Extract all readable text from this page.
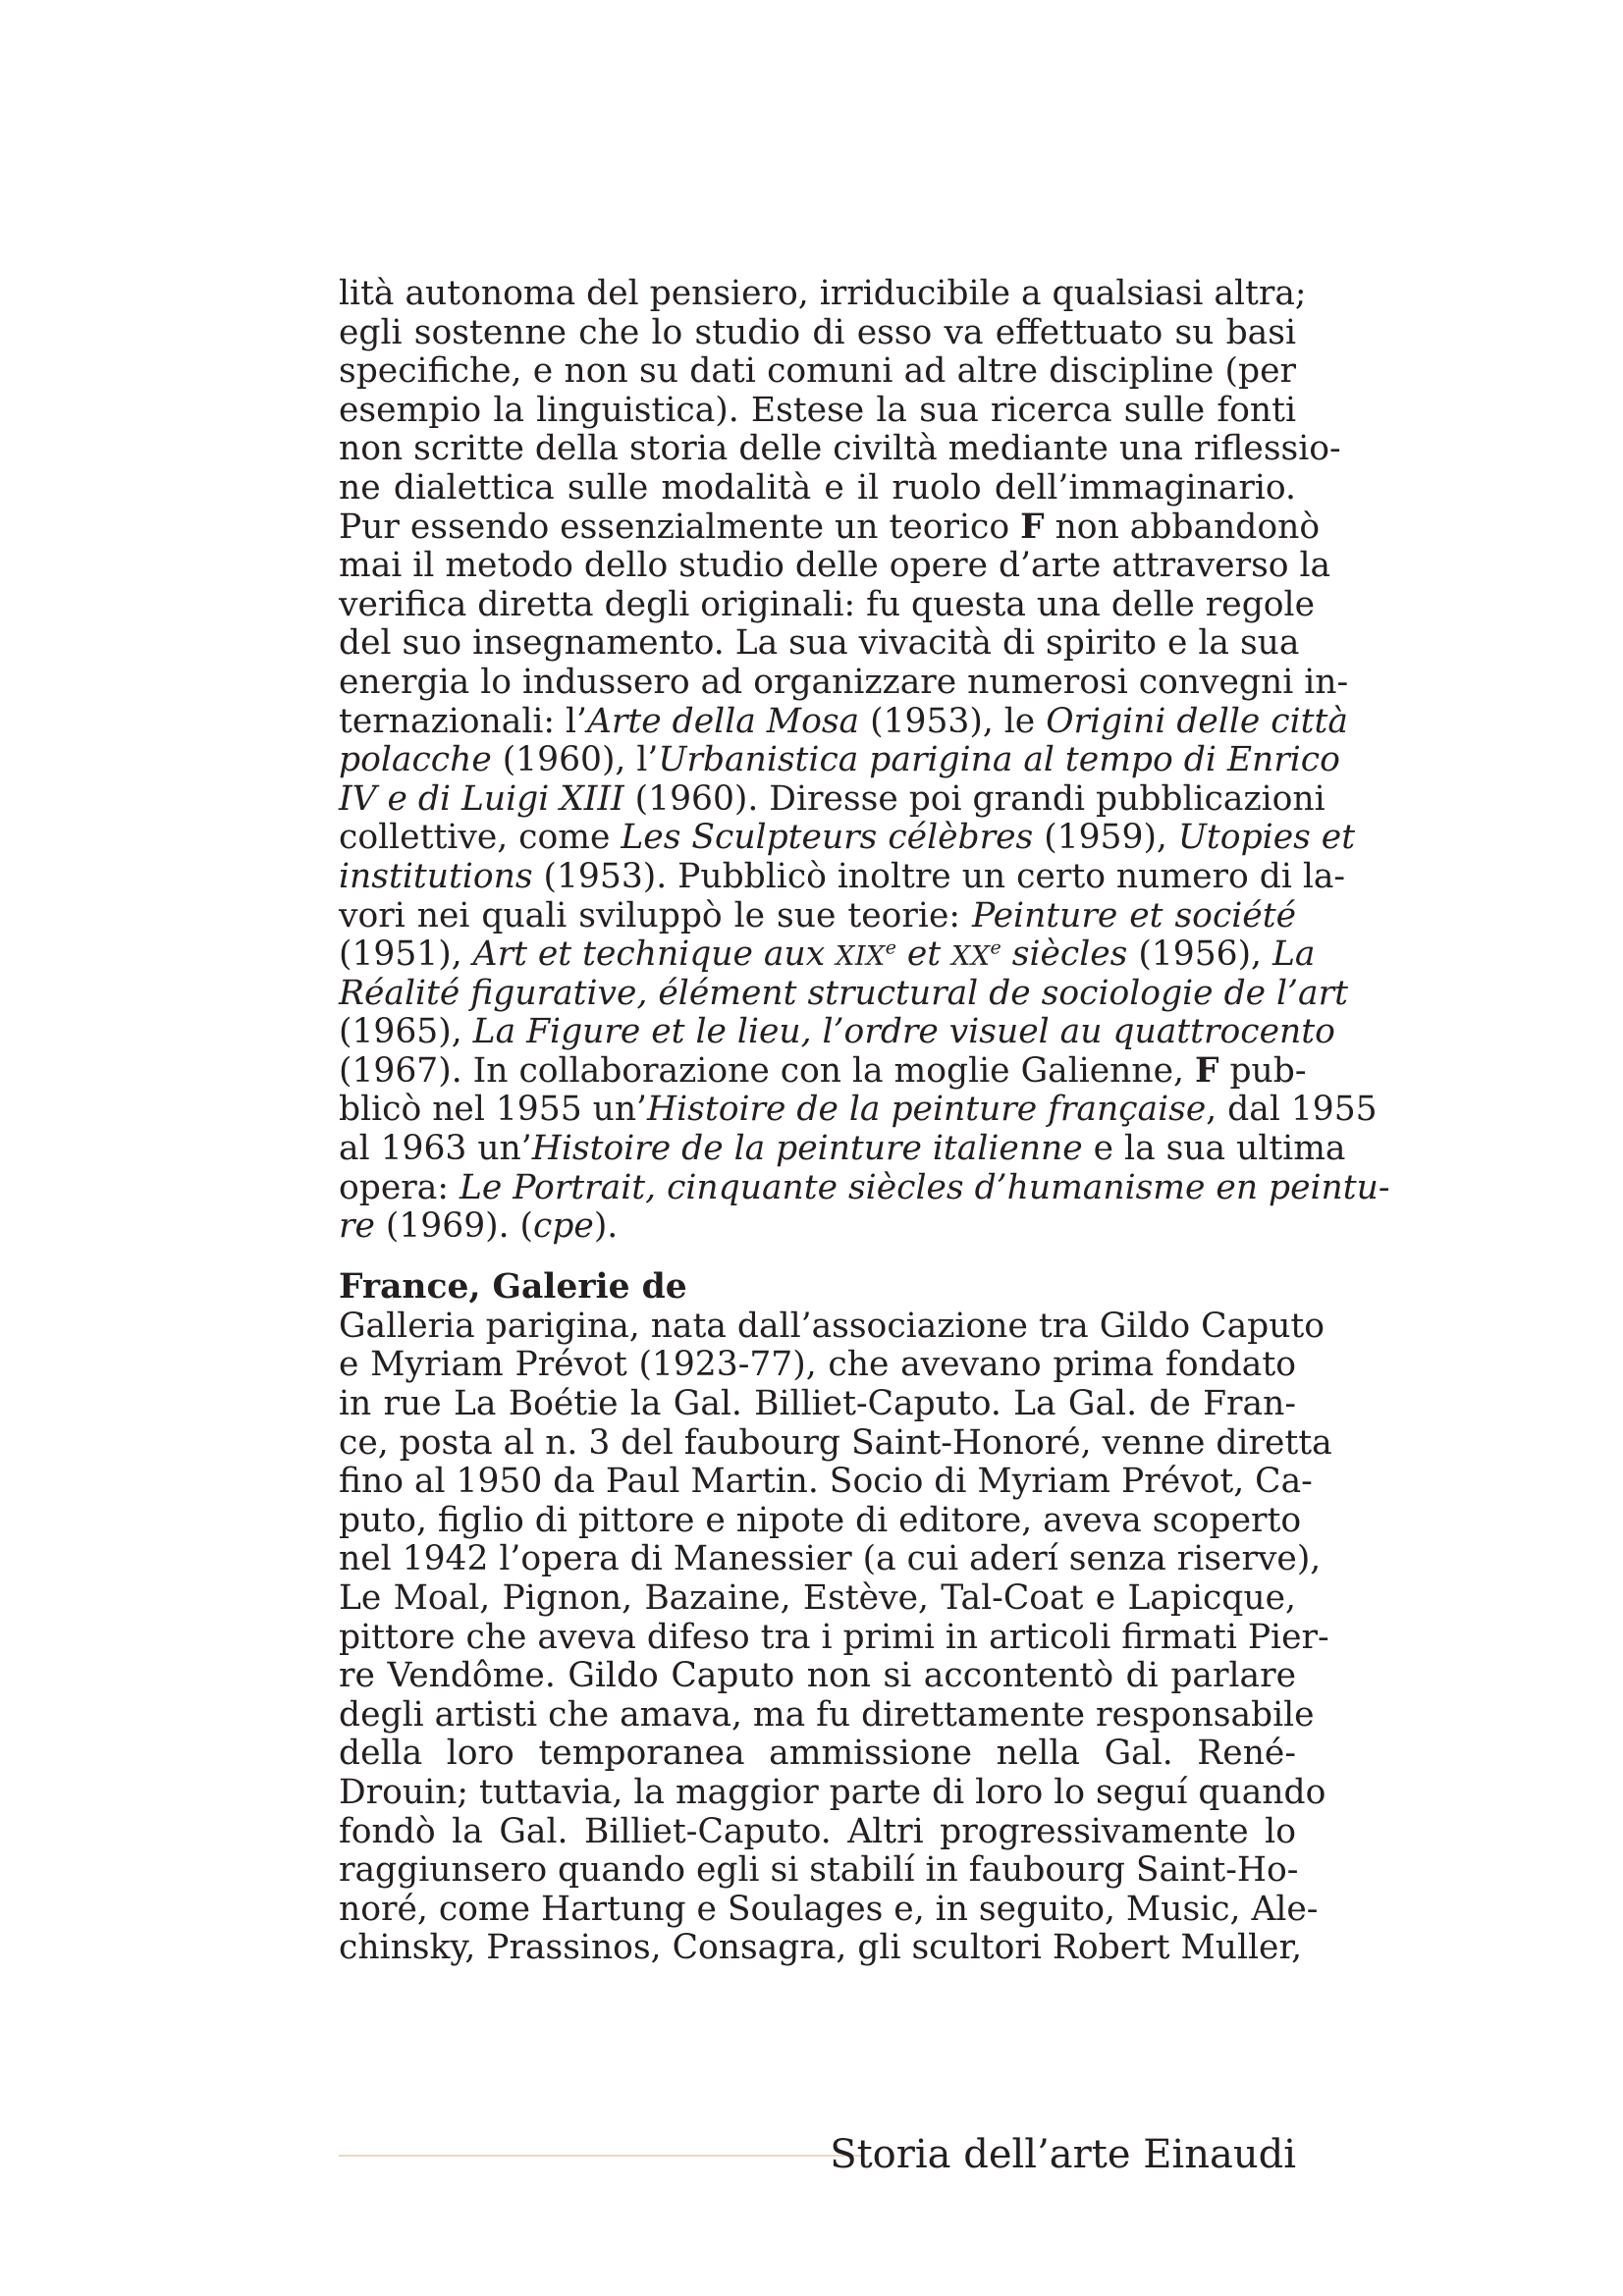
lità autonoma del pensiero, irriducibile a qualsiasi altra;
egli sostenne che lo studio di esso va effettuato su basi
specifiche, e non su dati comuni ad altre discipline (per
esempio la linguistica). Estese la sua ricerca sulle fonti
non scritte della storia delle civiltà mediante una riflessio-
ne dialettica sulle modalità e il ruolo dell’immaginario.
Pur essendo essenzialmente un teorico F non abbandonò
mai il metodo dello studio delle opere d’arte attraverso la
verifica diretta degli originali: fu questa una delle regole
del suo insegnamento. La sua vivacità di spirito e la sua
energia lo indussero ad organizzare numerosi convegni in-
ternazionali: l’Arte della Mosa (1953), le Origini delle città
polacche (1960), l’Urbanistica parigina al tempo di Enrico
IV e di Luigi XIII (1960). Diresse poi grandi pubblicazioni
collettive, come Les Sculpteurs célèbres (1959), Utopies et
institutions (1953). Pubblicò inoltre un certo numero di la-
vori nei quali sviluppò le sue teorie: Peinture et société
(1951), Art et technique aux XIXe et XXe siècles (1956), La
Réalité figurative, élément structural de sociologie de l’art
(1965), La Figure et le lieu, l’ordre visuel au quattrocento
(1967). In collaborazione con la moglie Galienne, F pub-
blicò nel 1955 un’Histoire de la peinture française, dal 1955
al 1963 un’Histoire de la peinture italienne e la sua ultima
opera: Le Portrait, cinquante siècles d’humanisme en peintu-
re (1969). (cpe).
France, Galerie de
Galleria parigina, nata dall’associazione tra Gildo Caputo
e Myriam Prévot (1923-77), che avevano prima fondato
in rue La Boétie la Gal. Billiet-Caputo. La Gal. de Fran-
ce, posta al n. 3 del faubourg Saint-Honoré, venne diretta
fino al 1950 da Paul Martin. Socio di Myriam Prévot, Ca-
puto, figlio di pittore e nipote di editore, aveva scoperto
nel 1942 l’opera di Manessier (a cui aderí senza riserve),
Le Moal, Pignon, Bazaine, Estève, Tal-Coat e Lapicque,
pittore che aveva difeso tra i primi in articoli firmati Pier-
re Vendôme. Gildo Caputo non si accontentò di parlare
degli artisti che amava, ma fu direttamente responsabile
della loro temporanea ammissione nella Gal. René-
Drouin; tuttavia, la maggior parte di loro lo seguí quando
fondò la Gal. Billiet-Caputo. Altri progressivamente lo
raggiunsero quando egli si stabilí in faubourg Saint-Ho-
noré, come Hartung e Soulages e, in seguito, Music, Ale-
chinsky, Prassinos, Consagra, gli scultori Robert Muller,
Storia dell’arte Einaudi
